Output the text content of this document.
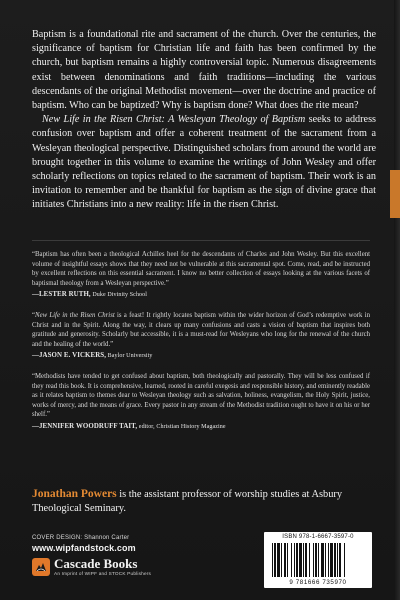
Baptism is a foundational rite and sacrament of the church. Over the centuries, the significance of baptism for Christian life and faith has been confirmed by the church, but baptism remains a highly controversial topic. Numerous disagreements exist between denominations and faith traditions—including the various descendants of the original Methodist movement—over the doctrine and practice of baptism. Who can be baptized? Why is baptism done? What does the rite mean?

New Life in the Risen Christ: A Wesleyan Theology of Baptism seeks to address confusion over baptism and offer a coherent treatment of the sacrament from a Wesleyan theological perspective. Distinguished scholars from around the world are brought together in this volume to examine the writings of John Wesley and offer scholarly reflections on topics related to the sacrament of baptism. Their work is an invitation to remember and be thankful for baptism as the sign of divine grace that initiates Christians into a new reality: life in the risen Christ.

“Baptism has often been a theological Achilles heel for the descendants of Charles and John Wesley. But this excellent volume of insightful essays shows that they need not be vulnerable at this sacramental spot. Come, read, and be instructed by excellent reflections on this essential sacrament. I know no better collection of essays looking at the various facets of baptismal theology from a Wesleyan perspective.”

—LESTER RUTH, Duke Divinity School

“New Life in the Risen Christ is a feast! It rightly locates baptism within the wider horizon of God’s redemptive work in Christ and in the Spirit. Along the way, it clears up many confusions and casts a vision of baptism that inspires both gratitude and generosity. Scholarly but accessible, it is a must-read for Wesleyans who long for the renewal of the church and the healing of the world.”

—JASON E. VICKERS, Baylor University

“Methodists have tended to get confused about baptism, both theologically and pastorally. They will be less confused if they read this book. It is comprehensive, learned, rooted in careful exegesis and responsible history, and eminently readable as it relates baptism to themes dear to Wesleyan theology such as salvation, holiness, evangelism, the Holy Spirit, justice, works of mercy, and the means of grace. Every pastor in any stream of the Methodist tradition ought to have it on his or her shelf.”

—JENNIFER WOODRUFF TAIT, editor, Christian History Magazine
Jonathan Powers is the assistant professor of worship studies at Asbury Theological Seminary.
COVER DESIGN: Shannon Carter
www.wipfandstock.com
Cascade Books
An Imprint of WIPF and STOCK Publishers
ISBN 978-1-6667-3597-0
9 781666 735970
